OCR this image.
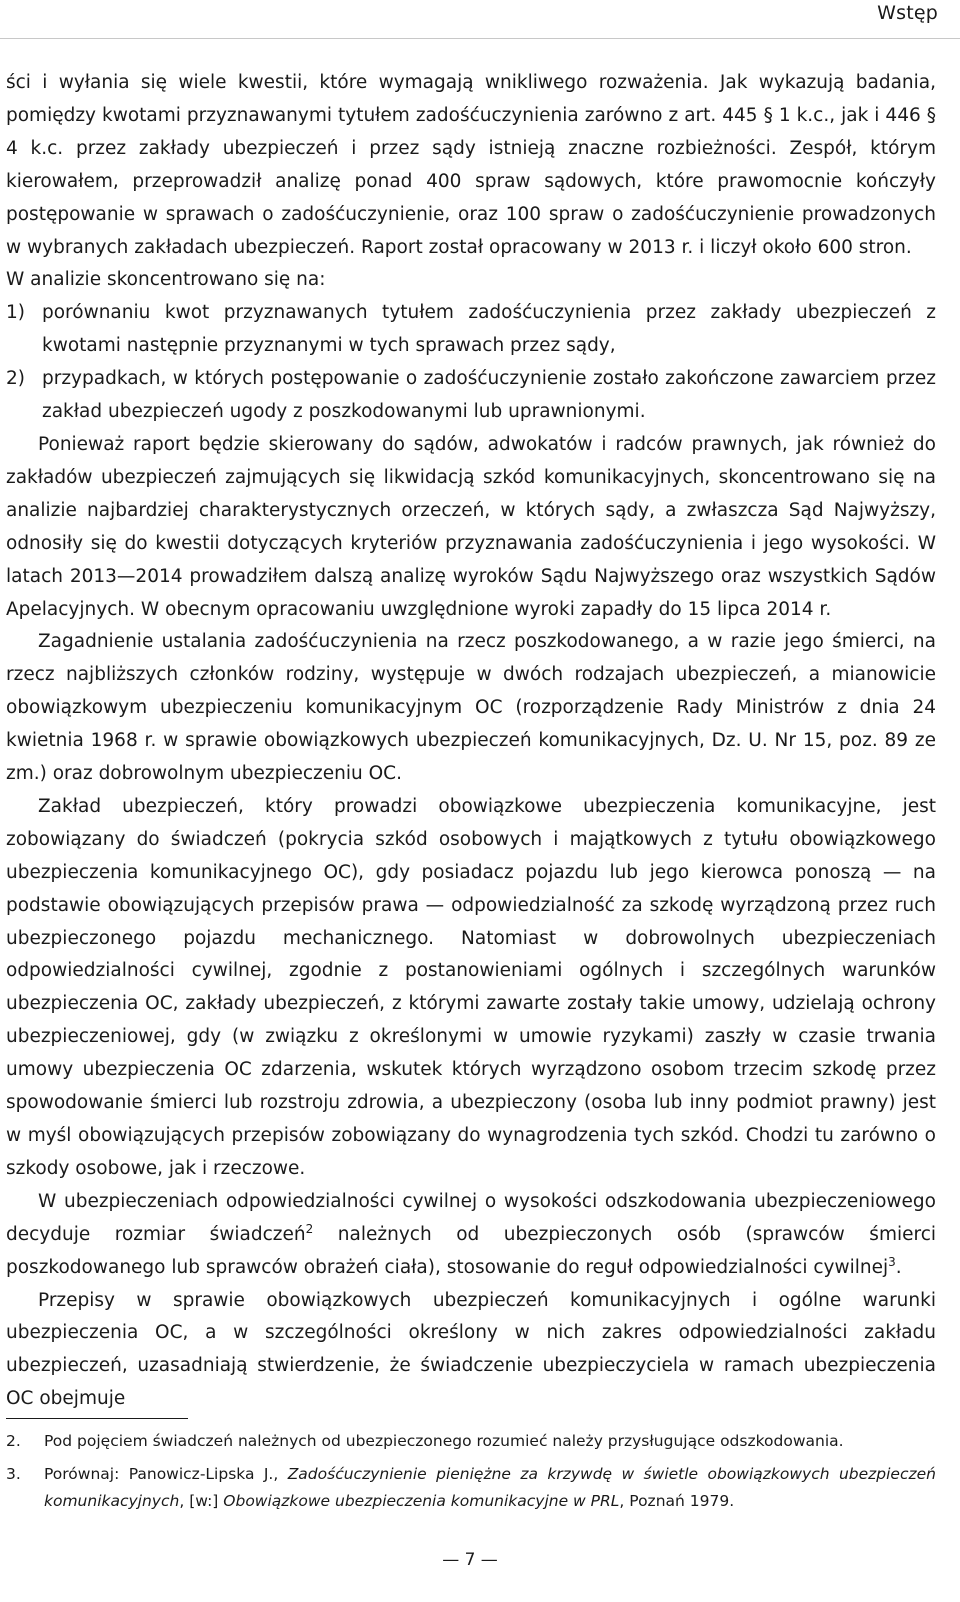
Wstęp

ści i wyłania się wiele kwestii, które wymagają wnikliwego rozważenia. Jak wykazują badania, pomiędzy kwotami przyznawanymi tytułem zadośćuczynienia zarówno z art. 445 § 1 k.c., jak i 446 § 4 k.c. przez zakłady ubezpieczeń i przez sądy istnieją znaczne rozbieżności. Zespół, którym kierowałem, przeprowadził analizę ponad 400 spraw sądowych, które prawomocnie kończyły postępowanie w sprawach o zadośćuczynienie, oraz 100 spraw o zadośćuczynienie prowadzonych w wybranych zakładach ubezpieczeń. Raport został opracowany w 2013 r. i liczył około 600 stron.

W analizie skoncentrowano się na:

1) porównaniu kwot przyznawanych tytułem zadośćuczynienia przez zakłady ubezpieczeń z kwotami następnie przyznanymi w tych sprawach przez sądy,
2) przypadkach, w których postępowanie o zadośćuczynienie zostało zakończone zawarciem przez zakład ubezpieczeń ugody z poszkodowanymi lub uprawnionymi.

Ponieważ raport będzie skierowany do sądów, adwokatów i radców prawnych, jak również do zakładów ubezpieczeń zajmujących się likwidacją szkód komunikacyjnych, skoncentrowano się na analizie najbardziej charakterystycznych orzeczeń, w których sądy, a zwłaszcza Sąd Najwyższy, odnosiły się do kwestii dotyczących kryteriów przyznawania zadośćuczynienia i jego wysokości. W latach 2013—2014 prowadziłem dalszą analizę wyroków Sądu Najwyższego oraz wszystkich Sądów Apelacyjnych. W obecnym opracowaniu uwzględnione wyroki zapadły do 15 lipca 2014 r.

Zagadnienie ustalania zadośćuczynienia na rzecz poszkodowanego, a w razie jego śmierci, na rzecz najbliższych członków rodziny, występuje w dwóch rodzajach ubezpieczeń, a mianowicie obowiązkowym ubezpieczeniu komunikacyjnym OC (rozporządzenie Rady Ministrów z dnia 24 kwietnia 1968 r. w sprawie obowiązkowych ubezpieczeń komunikacyjnych, Dz. U. Nr 15, poz. 89 ze zm.) oraz dobrowolnym ubezpieczeniu OC.

Zakład ubezpieczeń, który prowadzi obowiązkowe ubezpieczenia komunikacyjne, jest zobowiązany do świadczeń (pokrycia szkód osobowych i majątkowych z tytułu obowiązkowego ubezpieczenia komunikacyjnego OC), gdy posiadacz pojazdu lub jego kierowca ponoszą — na podstawie obowiązujących przepisów prawa — odpowiedzialność za szkodę wyrządzoną przez ruch ubezpieczonego pojazdu mechanicznego. Natomiast w dobrowolnych ubezpieczeniach odpowiedzialności cywilnej, zgodnie z postanowieniami ogólnych i szczególnych warunków ubezpieczenia OC, zakłady ubezpieczeń, z którymi zawarte zostały takie umowy, udzielają ochrony ubezpieczeniowej, gdy (w związku z określonymi w umowie ryzykami) zaszły w czasie trwania umowy ubezpieczenia OC zdarzenia, wskutek których wyrządzono osobom trzecim szkodę przez spowodowanie śmierci lub rozstroju zdrowia, a ubezpieczony (osoba lub inny podmiot prawny) jest w myśl obowiązujących przepisów zobowiązany do wynagrodzenia tych szkód. Chodzi tu zarówno o szkody osobowe, jak i rzeczowe.

W ubezpieczeniach odpowiedzialności cywilnej o wysokości odszkodowania ubezpieczeniowego decyduje rozmiar świadczeń$^2$ należnych od ubezpieczonych osób (sprawców śmierci poszkodowanego lub sprawców obrażeń ciała), stosowanie do reguł odpowiedzialności cywilnej$^3$.

Przepisy w sprawie obowiązkowych ubezpieczeń komunikacyjnych i ogólne warunki ubezpieczenia OC, a w szczególności określony w nich zakres odpowiedzialności zakładu ubezpieczeń, uzasadniają stwierdzenie, że świadczenie ubezpieczyciela w ramach ubezpieczenia OC obejmuje

2.	Pod pojęciem świadczeń należnych od ubezpieczonego rozumieć należy przysługujące odszkodowania.
3.	Porównaj: Panowicz-Lipska J., Zadośćuczynienie pieniężne za krzywdę w świetle obowiązkowych ubezpieczeń komunikacyjnych, [w:] Obowiązkowe ubezpieczenia komunikacyjne w PRL, Poznań 1979.
— 7 —
